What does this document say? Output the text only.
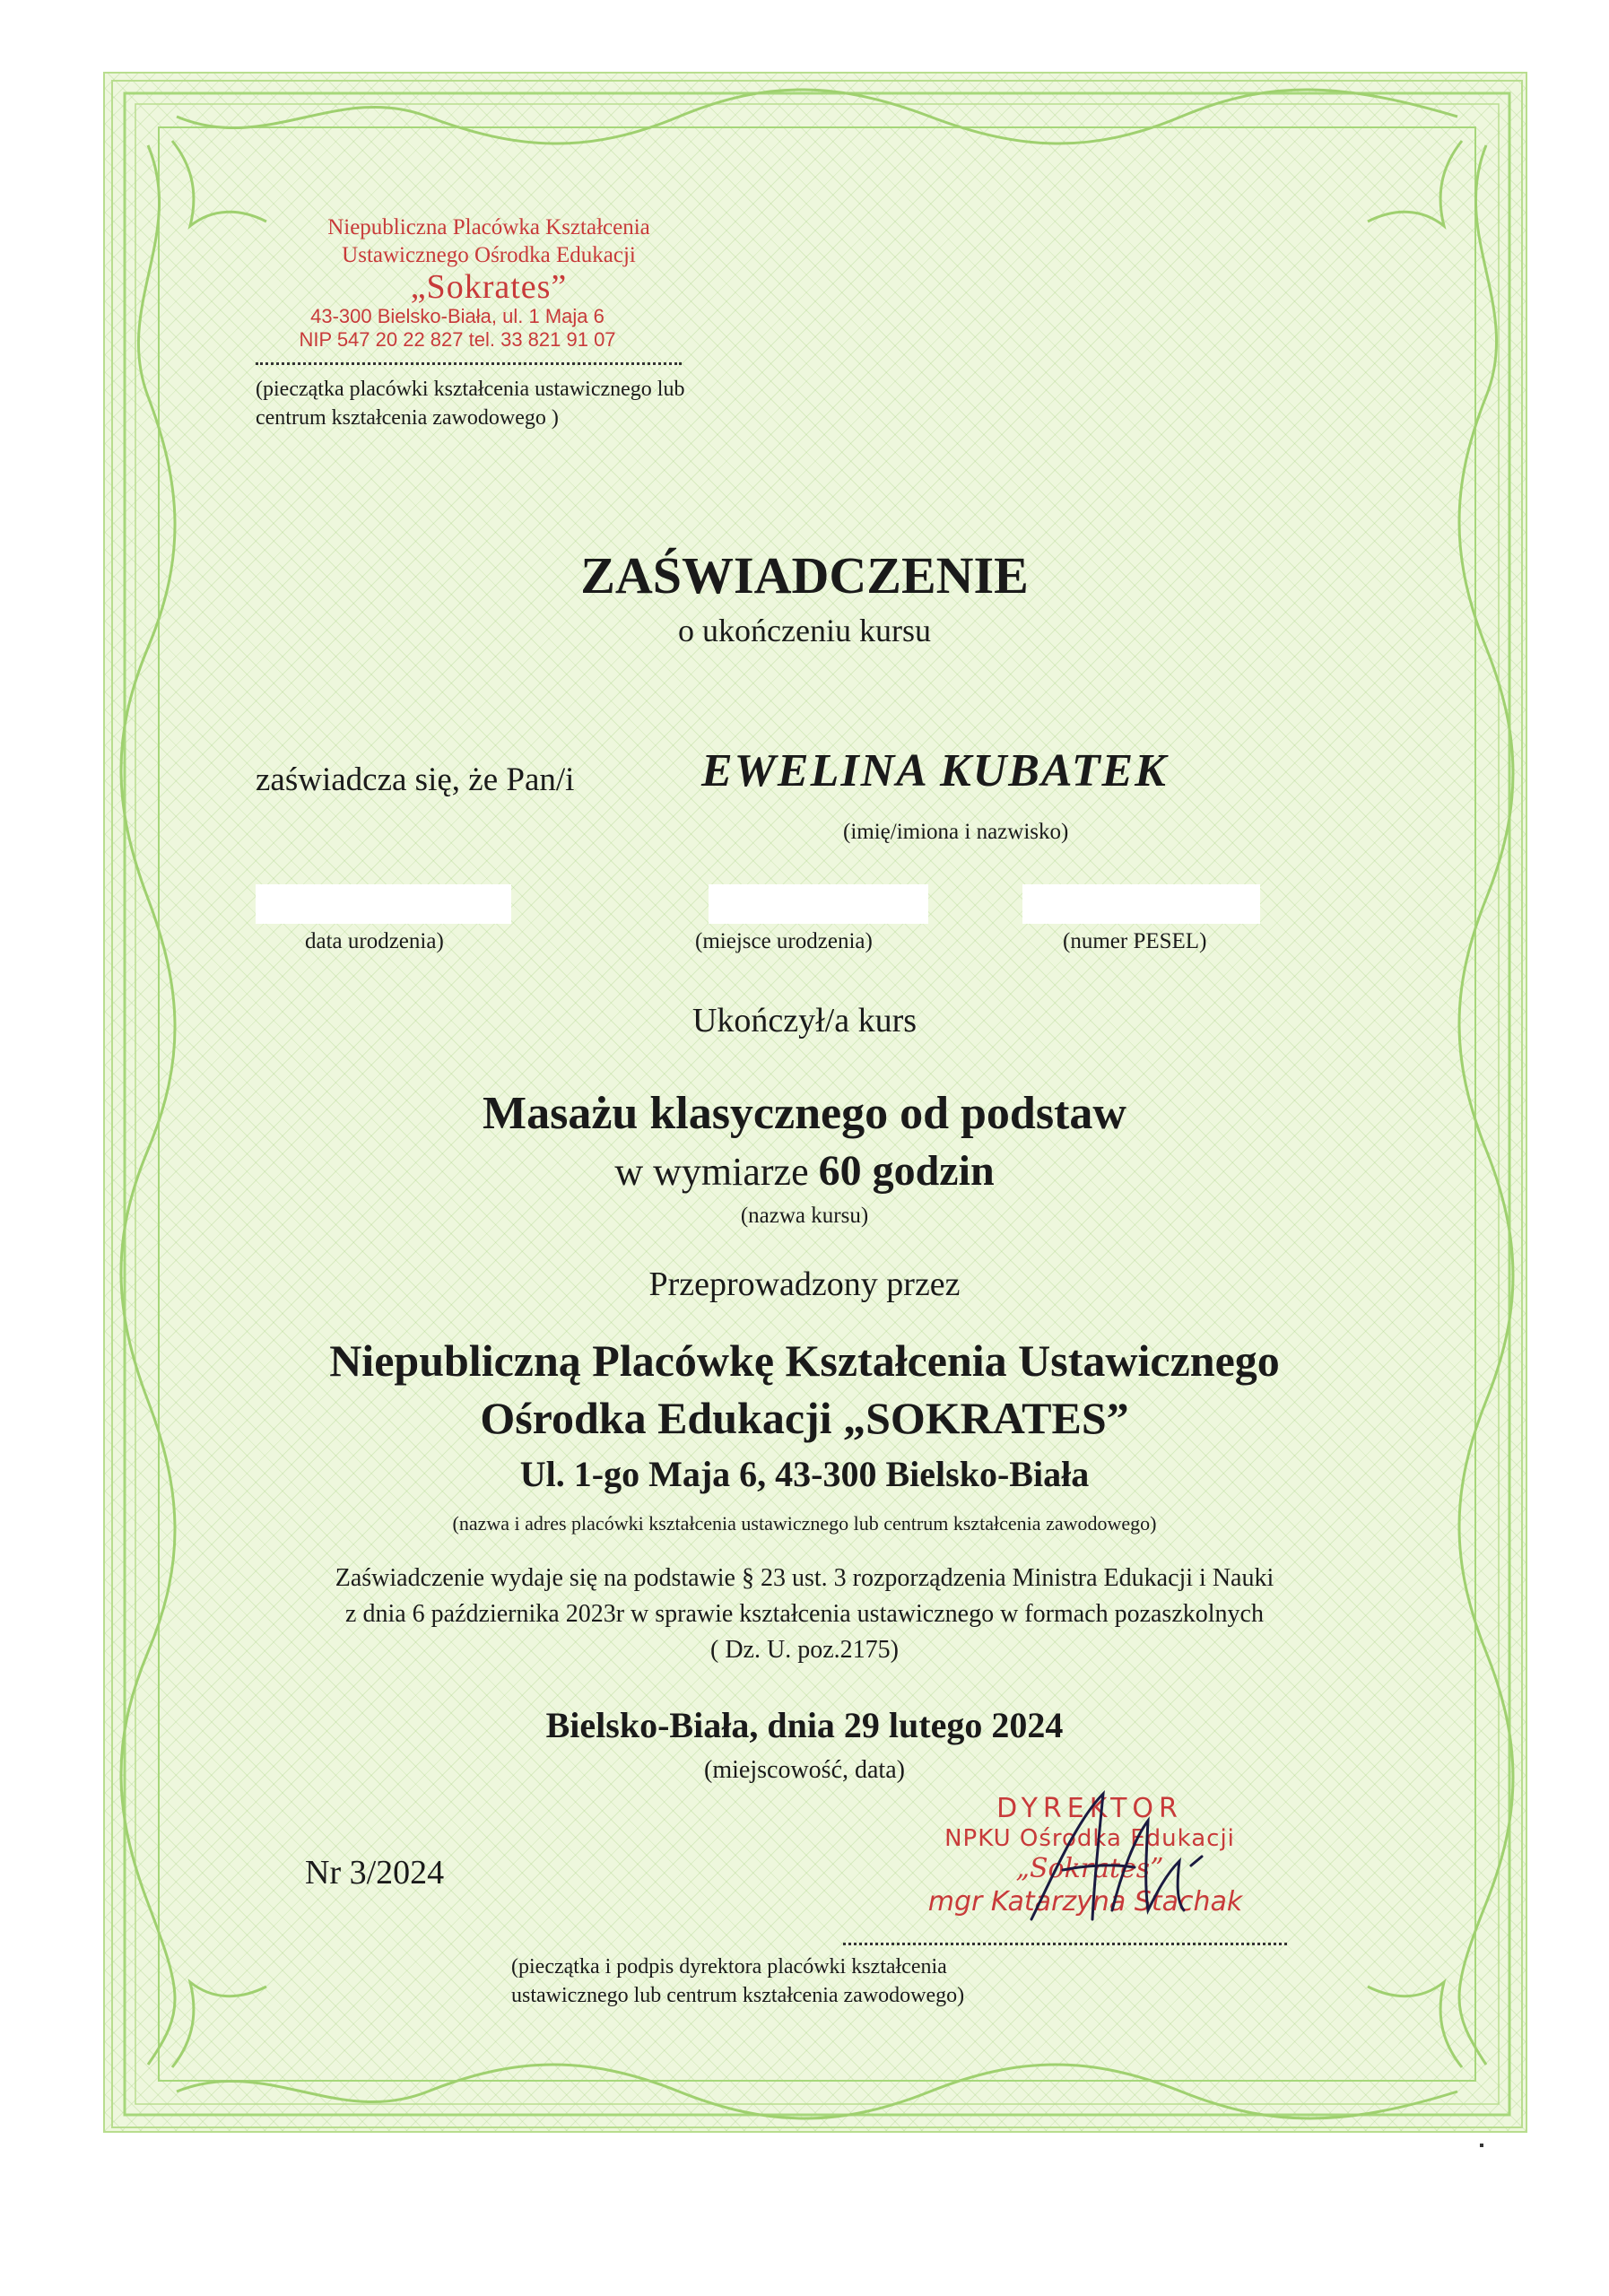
Niepubliczna Placówka Kształcenia
Ustawicznego Ośrodka Edukacji
„Sokrates”
43-300 Bielsko-Biała, ul. 1 Maja 6
NIP 547 20 22 827 tel. 33 821 91 07
(pieczątka placówki kształcenia ustawicznego lub centrum kształcenia zawodowego )
ZAŚWIADCZENIE
o ukończeniu kursu
zaświadcza się, że Pan/i	EWELINA KUBATEK
(imię/imiona i nazwisko)
data urodzenia)	(miejsce urodzenia)	(numer PESEL)
Ukończył/a kurs
Masażu klasycznego od podstaw
w wymiarze 60 godzin
(nazwa kursu)
Przeprowadzony przez
Niepubliczną Placówkę Kształcenia Ustawicznego
Ośrodka Edukacji „SOKRATES”
Ul. 1-go Maja 6, 43-300 Bielsko-Biała
(nazwa i adres placówki kształcenia ustawicznego lub centrum kształcenia zawodowego)
Zaświadczenie wydaje się na podstawie § 23 ust. 3 rozporządzenia Ministra Edukacji i Nauki
z dnia 6 października 2023r w sprawie kształcenia ustawicznego w formach pozaszkolnych
( Dz. U. poz.2175)
Bielsko-Biała, dnia 29 lutego 2024
(miejscowość, data)
Nr 3/2024
DYREKTOR
NPKU Ośrodka Edukacji
„Sokrates”
mgr Katarzyna Stachak
(pieczątka i podpis dyrektora placówki kształcenia
ustawicznego lub centrum kształcenia zawodowego)
